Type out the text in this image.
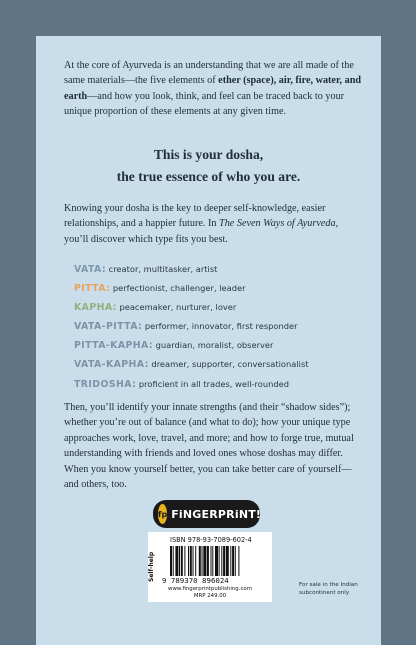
At the core of Ayurveda is an understanding that we are all made of the same materials—the five elements of ether (space), air, fire, water, and earth—and how you look, think, and feel can be traced back to your unique proportion of these elements at any given time.

This is your dosha,
the true essence of who you are.

Knowing your dosha is the key to deeper self-knowledge, easier relationships, and a happier future. In The Seven Ways of Ayurveda, you’ll discover which type fits you best.

VATA: creator, multitasker, artist
PITTA: perfectionist, challenger, leader
KAPHA: peacemaker, nurturer, lover
VATA-PITTA: performer, innovator, first responder
PITTA-KAPHA: guardian, moralist, observer
VATA-KAPHA: dreamer, supporter, conversationalist
TRIDOSHA: proficient in all trades, well-rounded

Then, you’ll identify your innate strengths (and their “shadow sides”); whether you’re out of balance (and what to do); how your unique type approaches work, love, travel, and more; and how to forge true, mutual understanding with friends and loved ones whose doshas may differ. When you know yourself better, you can take better care of yourself—and others, too.

fp FiNGERPRiNT!
Self-help
ISBN 978-93-7089-602-4
9 789370 896024
www.fingerprintpublishing.com
MRP 249.00

For sale in the Indian subcontinent only
